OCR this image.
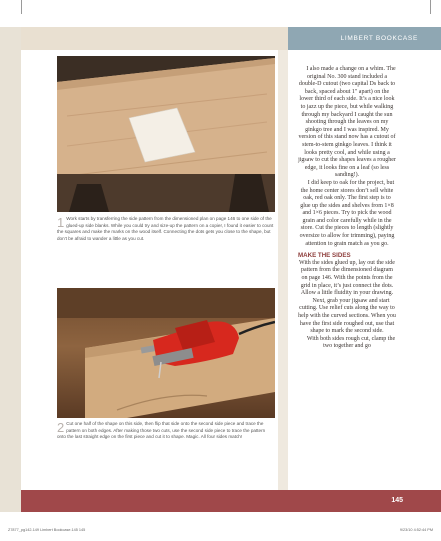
LIMBERT BOOKCASE
1 Work starts by transferring the side pattern from the dimensioned plan on page 146 to one side of the glued-up side blanks. While you could try and size-up the pattern on a copier, I found it easier to count the squares and make the marks on the wood itself. Connecting the dots gets you close to the shape, but don’t be afraid to wander a little as you cut.
2 Cut one half of the shape on this side, then flip that side onto the second side piece and trace the pattern on both edges. After making those two cuts, use the second side piece to trace the pattern onto the last straight edge on the first piece and cut it to shape. Magic. All four sides match!

I also made a change on a whim. The original No. 300 stand included a double-D cutout (two capital Ds back to back, spaced about 1" apart) on the lower third of each side. It’s a nice look to jazz up the piece, but while walking through my backyard I caught the sun shooting through the leaves on my ginkgo tree and I was inspired. My version of this stand now has a cutout of stem-to-stem ginkgo leaves. I think it looks pretty cool, and while using a jigsaw to cut the shapes leaves a rougher edge, it looks fine on a leaf (so less sanding!).

I did keep to oak for the project, but the home center stores don’t sell white oak, red oak only. The first step is to glue up the sides and shelves from 1×8 and 1×6 pieces. Try to pick the wood grain and color carefully while in the store. Cut the pieces to length (slightly oversize to allow for trimming), paying attention to grain match as you go.

MAKE THE SIDES

With the sides glued up, lay out the side pattern from the dimensioned diagram on page 146. With the points from the grid in place, it’s just connect the dots. Allow a little fluidity in your drawing.

Next, grab your jigsaw and start cutting. Use relief cuts along the way to help with the curved sections. When you have the first side roughed out, use that shape to mark the second side.

With both sides rough cut, clamp the two together and go

145
Z7877_pg142-149 Limbert Bookcase.145 145	9/23/10 4:52:44 PM
